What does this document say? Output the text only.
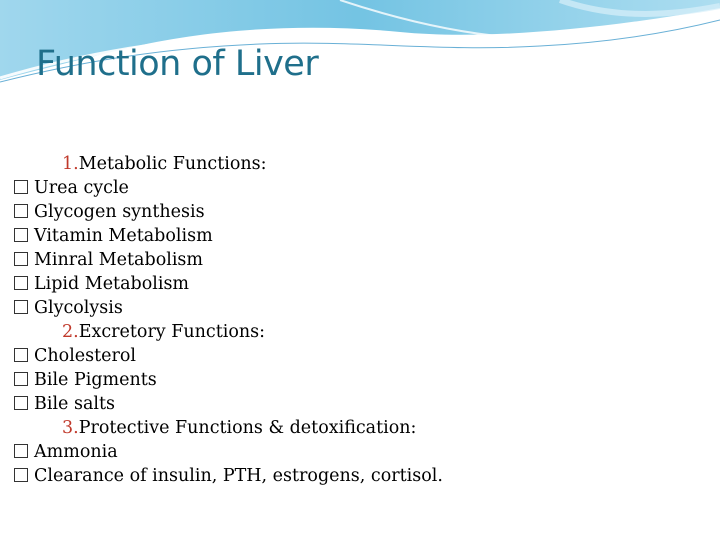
Function of Liver
1.Metabolic Functions:
Urea cycle
Glycogen synthesis
Vitamin Metabolism
Minral Metabolism
Lipid Metabolism
Glycolysis
2.Excretory Functions:
Cholesterol
Bile Pigments
Bile salts
3.Protective Functions & detoxification:
Ammonia
Clearance of insulin, PTH, estrogens, cortisol.
